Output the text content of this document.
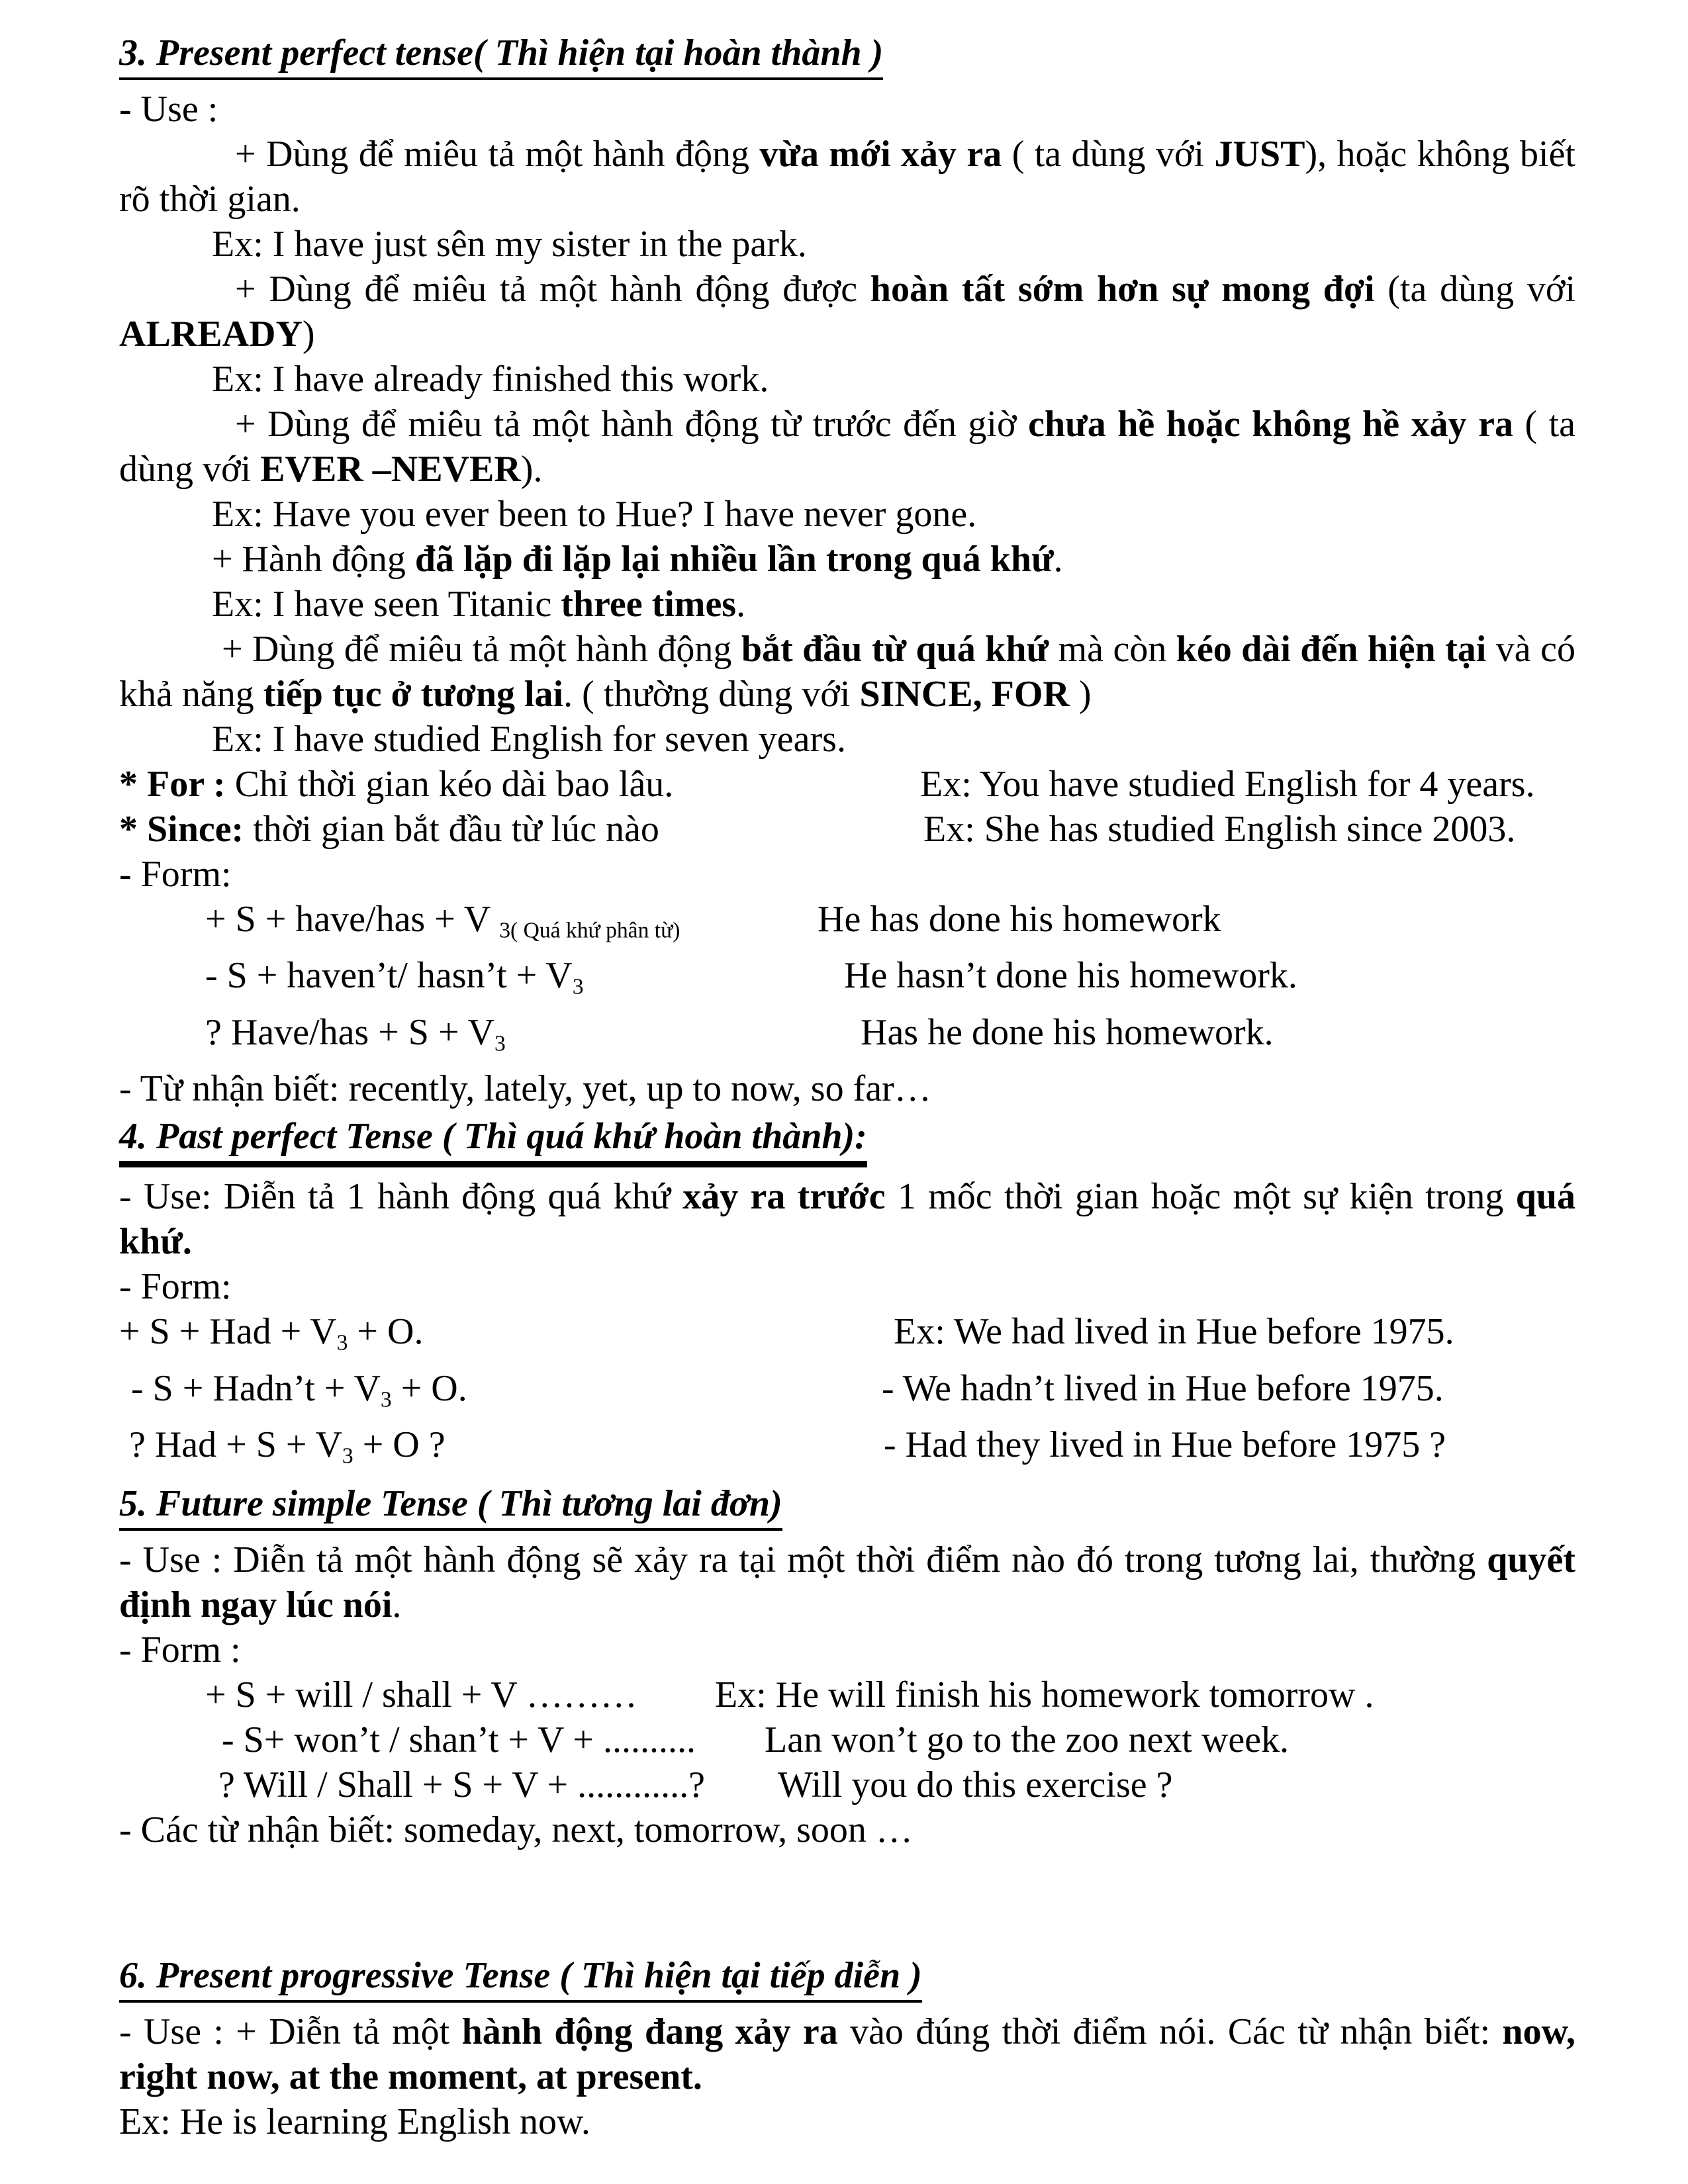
3. Present perfect tense( Thì hiện tại hoàn thành )
- Use :
+ Dùng để miêu tả một hành động vừa mới xảy ra ( ta dùng với JUST), hoặc không biết rõ thời gian.
Ex: I have just sên my sister in the park.
+ Dùng để miêu tả một hành động được hoàn tất sớm hơn sự mong đợi (ta dùng với ALREADY)
Ex: I have already finished this work.
+ Dùng để miêu tả một hành động từ trước đến giờ chưa hề hoặc không hề xảy ra ( ta dùng với EVER –NEVER).
Ex: Have you ever been to Hue? I have never gone.
+ Hành động đã lặp đi lặp lại nhiều lần trong quá khứ.
Ex: I have seen Titanic three times.
+ Dùng để miêu tả một hành động bắt đầu từ quá khứ mà còn kéo dài đến hiện tại và có khả năng tiếp tục ở tương lai. ( thường dùng với SINCE, FOR )
Ex: I have studied English for seven years.
* For : Chỉ thời gian kéo dài bao lâu.	Ex: You have studied English for 4 years.
* Since: thời gian bắt đầu từ lúc nào	Ex: She has studied English since 2003.
- Form:
+ S + have/has + V $_{3( Quá khứ phân từ)}$	He has done his homework
- S + haven’t/ hasn’t + $V_3$	He hasn’t done his homework.
? Have/has + $S + V_3$	Has he done his homework.
- Từ nhận biết: recently, lately, yet, up to now, so far…
4. Past perfect Tense ( Thì quá khứ hoàn thành):
- Use: Diễn tả 1 hành động quá khứ xảy ra trước 1 mốc thời gian hoặc một sự kiện trong quá khứ.
- Form:
+ S + Had + $V_3 + O$.	Ex: We had lived in Hue before 1975.
- S + Hadn’t + $V_3 + O$.	- We hadn’t lived in Hue before 1975.
? Had + $S + V_3 + O$ ?	- Had they lived in Hue before 1975 ?
5. Future simple Tense ( Thì tương lai đơn)
- Use : Diễn tả một hành động sẽ xảy ra tại một thời điểm nào đó trong tương lai, thường quyết định ngay lúc nói.
- Form :
+ S + will / shall + V ……… Ex: He will finish his homework tomorrow .
- S+ won’t / shan’t + V + .......... Lan won’t go to the zoo next week.
? Will / Shall + S + V + ............? Will you do this exercise ?
- Các từ nhận biết: someday, next, tomorrow, soon …
6. Present progressive Tense ( Thì hiện tại tiếp diễn )
- Use : + Diễn tả một hành động đang xảy ra vào đúng thời điểm nói. Các từ nhận biết: now, right now, at the moment, at present.
Ex: He is learning English now.
